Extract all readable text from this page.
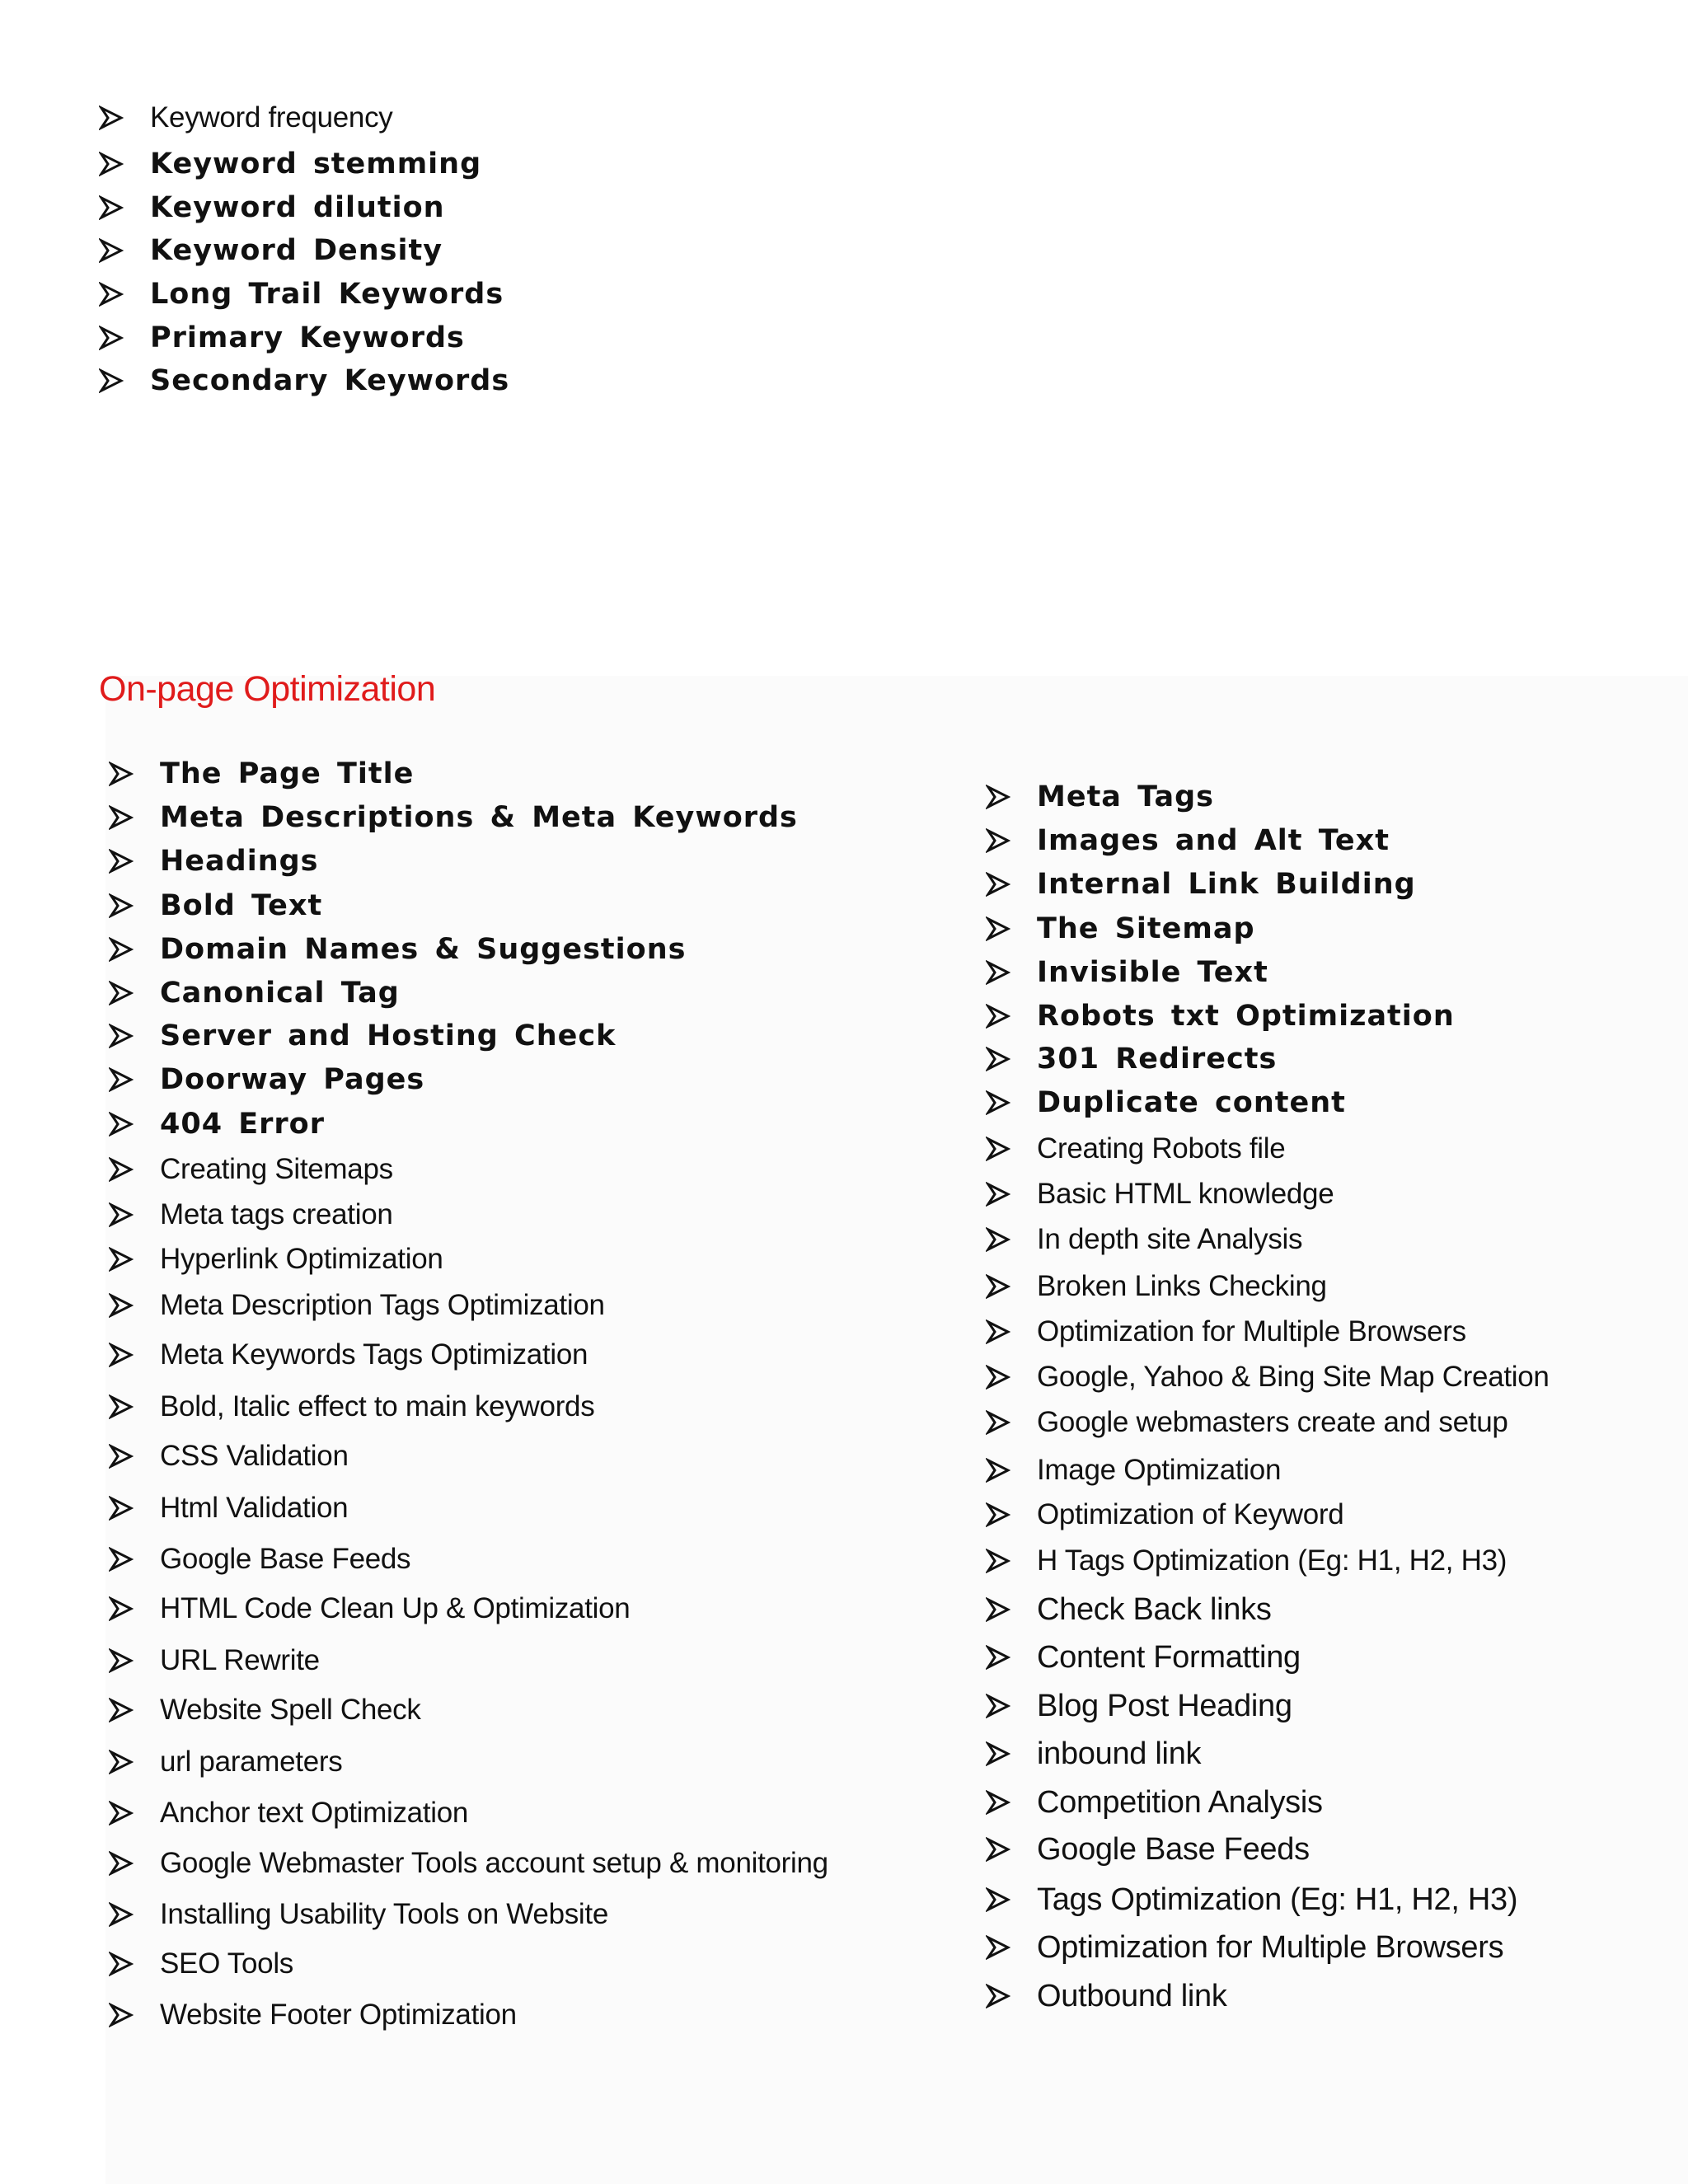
Keyword frequency
Keyword stemming
Keyword dilution
Keyword Density
Long Trail Keywords
Primary Keywords
Secondary Keywords
On-page Optimization
The Page Title
Meta Descriptions & Meta Keywords
Headings
Bold Text
Domain Names & Suggestions
Canonical Tag
Server and Hosting Check
Doorway Pages
404 Error
Creating Sitemaps
Meta tags creation
Hyperlink Optimization
Meta Description Tags Optimization
Meta Keywords Tags Optimization
Bold, Italic effect to main keywords
CSS Validation
Html Validation
Google Base Feeds
HTML Code Clean Up & Optimization
URL Rewrite
Website Spell Check
url parameters
Anchor text Optimization
Google Webmaster Tools account setup & monitoring
Installing Usability Tools on Website
SEO Tools
Website Footer Optimization
Meta Tags
Images and Alt Text
Internal Link Building
The Sitemap
Invisible Text
Robots txt Optimization
301 Redirects
Duplicate content
Creating Robots file
Basic HTML knowledge
In depth site Analysis
Broken Links Checking
Optimization for Multiple Browsers
Google, Yahoo & Bing Site Map Creation
Google webmasters create and setup
Image Optimization
Optimization of Keyword
H Tags Optimization (Eg: H1, H2, H3)
Check Back links
Content Formatting
Blog Post Heading
inbound link
Competition Analysis
Google Base Feeds
Tags Optimization (Eg: H1, H2, H3)
Optimization for Multiple Browsers
Outbound link
